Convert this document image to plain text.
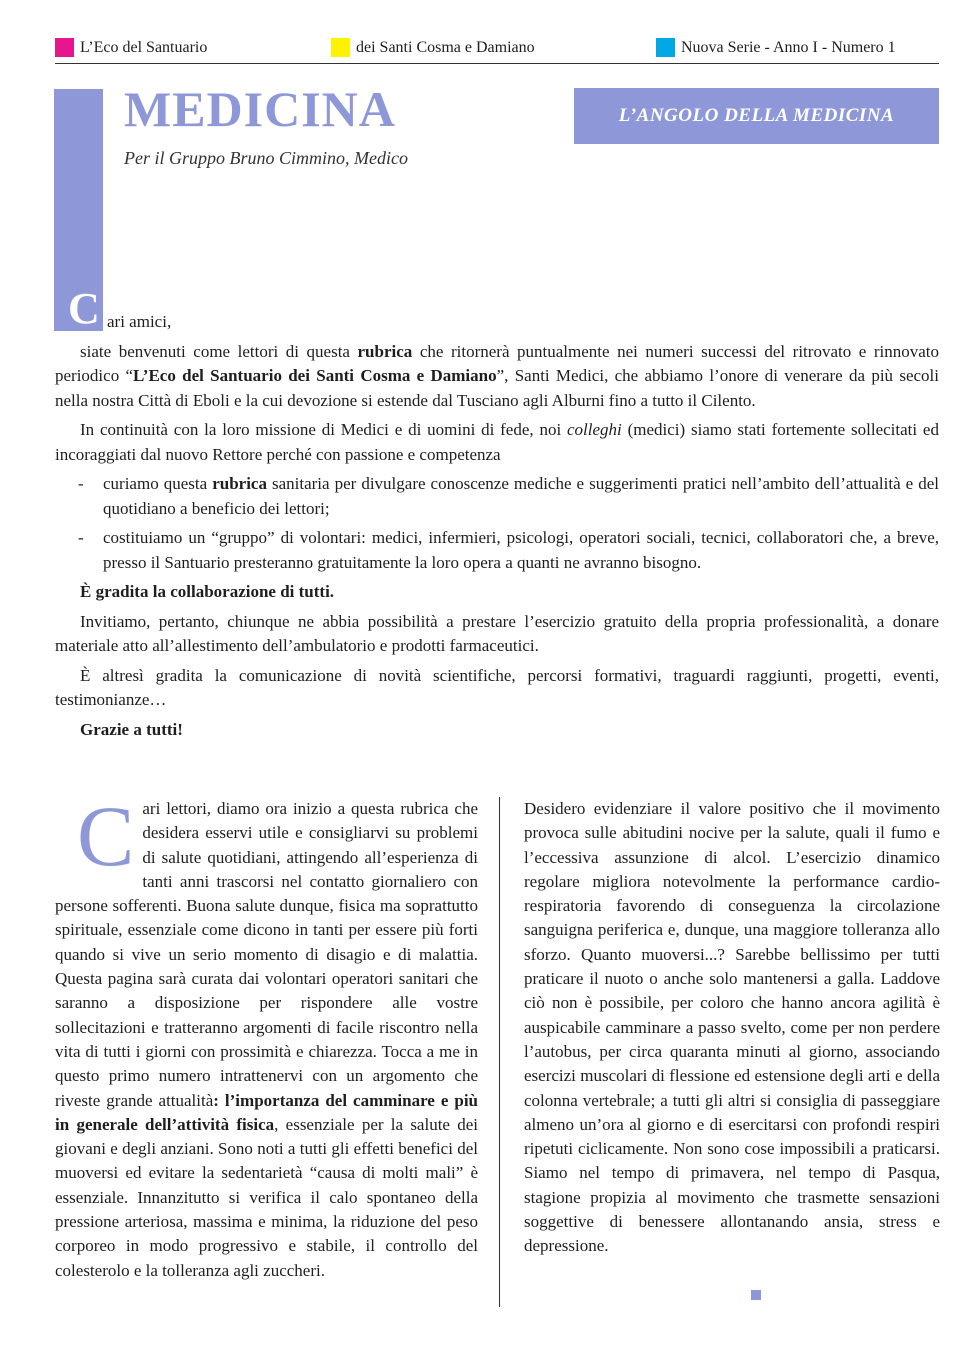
L’Eco del Santuario	dei Santi Cosma e Damiano	Nuova Serie - Anno I - Numero 1
MEDICINA
Per il Gruppo Bruno Cimmino, Medico
L’ANGOLO DELLA MEDICINA
C ari amici,

siate benvenuti come lettori di questa rubrica che ritornerà puntualmente nei numeri successi del ritrovato e rinnovato periodico “L’Eco del Santuario dei Santi Cosma e Damiano”, Santi Medici, che abbiamo l’onore di venerare da più secoli nella nostra Città di Eboli e la cui devozione si estende dal Tusciano agli Alburni fino a tutto il Cilento.

In continuità con la loro missione di Medici e di uomini di fede, noi colleghi (medici) siamo stati fortemente sollecitati ed incoraggiati dal nuovo Rettore perché con passione e competenza

- curiamo questa rubrica sanitaria per divulgare conoscenze mediche e suggerimenti pratici nell’ambito dell’attualità e del quotidiano a beneficio dei lettori;
- costituiamo un “gruppo” di volontari: medici, infermieri, psicologi, operatori sociali, tecnici, collaboratori che, a breve, presso il Santuario presteranno gratuitamente la loro opera a quanti ne avranno bisogno.

È gradita la collaborazione di tutti.

Invitiamo, pertanto, chiunque ne abbia possibilità a prestare l’esercizio gratuito della propria professionalità, a donare materiale atto all’allestimento dell’ambulatorio e prodotti farmaceutici.

È altresì gradita la comunicazione di novità scientifiche, percorsi formativi, traguardi raggiunti, progetti, eventi, testimonianze…

Grazie a tutti!

Cari lettori, diamo ora inizio a questa rubrica che desidera esservi utile e consigliarvi su problemi di salute quotidiani, attingendo all’esperienza di tanti anni trascorsi nel contatto giornaliero con persone sofferenti. Buona salute dunque, fisica ma soprattutto spirituale, essenziale come dicono in tanti per essere più forti quando si vive un serio momento di disagio e di malattia. Questa pagina sarà curata dai volontari operatori sanitari che saranno a disposizione per rispondere alle vostre sollecitazioni e tratteranno argomenti di facile riscontro nella vita di tutti i giorni con prossimità e chiarezza. Tocca a me in questo primo numero intrattenervi con un argomento che riveste grande attualità: l’importanza del camminare e più in generale dell’attività fisica, essenziale per la salute dei giovani e degli anziani. Sono noti a tutti gli effetti benefici del muoversi ed evitare la sedentarietà “causa di molti mali” è essenziale. Innanzitutto si verifica il calo spontaneo della pressione arteriosa, massima e minima, la riduzione del peso corporeo in modo progressivo e stabile, il controllo del colesterolo e la tolleranza agli zuccheri.
Desidero evidenziare il valore positivo che il movimento provoca sulle abitudini nocive per la salute, quali il fumo e l’eccessiva assunzione di alcol. L’esercizio dinamico regolare migliora notevolmente la performance cardio-respiratoria favorendo di conseguenza la circolazione sanguigna periferica e, dunque, una maggiore tolleranza allo sforzo. Quanto muoversi...? Sarebbe bellissimo per tutti praticare il nuoto o anche solo mantenersi a galla. Laddove ciò non è possibile, per coloro che hanno ancora agilità è auspicabile camminare a passo svelto, come per non perdere l’autobus, per circa quaranta minuti al giorno, associando esercizi muscolari di flessione ed estensione degli arti e della colonna vertebrale; a tutti gli altri si consiglia di passeggiare almeno un’ora al giorno e di esercitarsi con profondi respiri ripetuti ciclicamente. Non sono cose impossibili a praticarsi. Siamo nel tempo di primavera, nel tempo di Pasqua, stagione propizia al movimento che trasmette sensazioni soggettive di benessere allontanando ansia, stress e depressione.
